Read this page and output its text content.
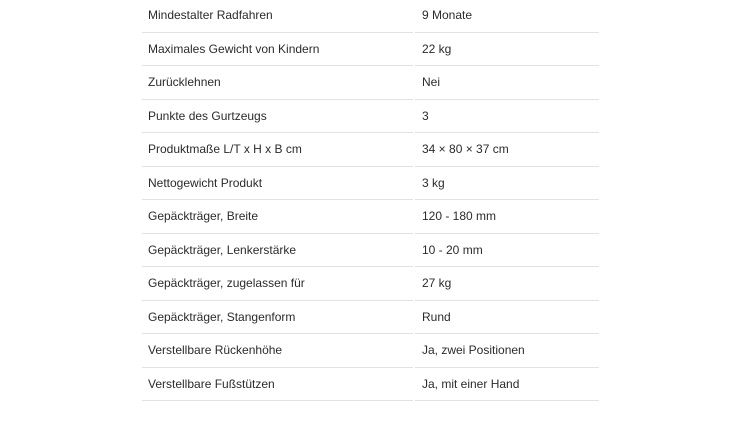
Mindestalter Radfahren	9 Monate
Maximales Gewicht von Kindern	22 kg
Zurücklehnen	Nei
Punkte des Gurtzeugs	3
Produktmaße L/T x H x B cm	34 × 80 × 37 cm
Nettogewicht Produkt	3 kg
Gepäckträger, Breite	120 - 180 mm
Gepäckträger, Lenkerstärke	10 - 20 mm
Gepäckträger, zugelassen für	27 kg
Gepäckträger, Stangenform	Rund
Verstellbare Rückenhöhe	Ja, zwei Positionen
Verstellbare Fußstützen	Ja, mit einer Hand
